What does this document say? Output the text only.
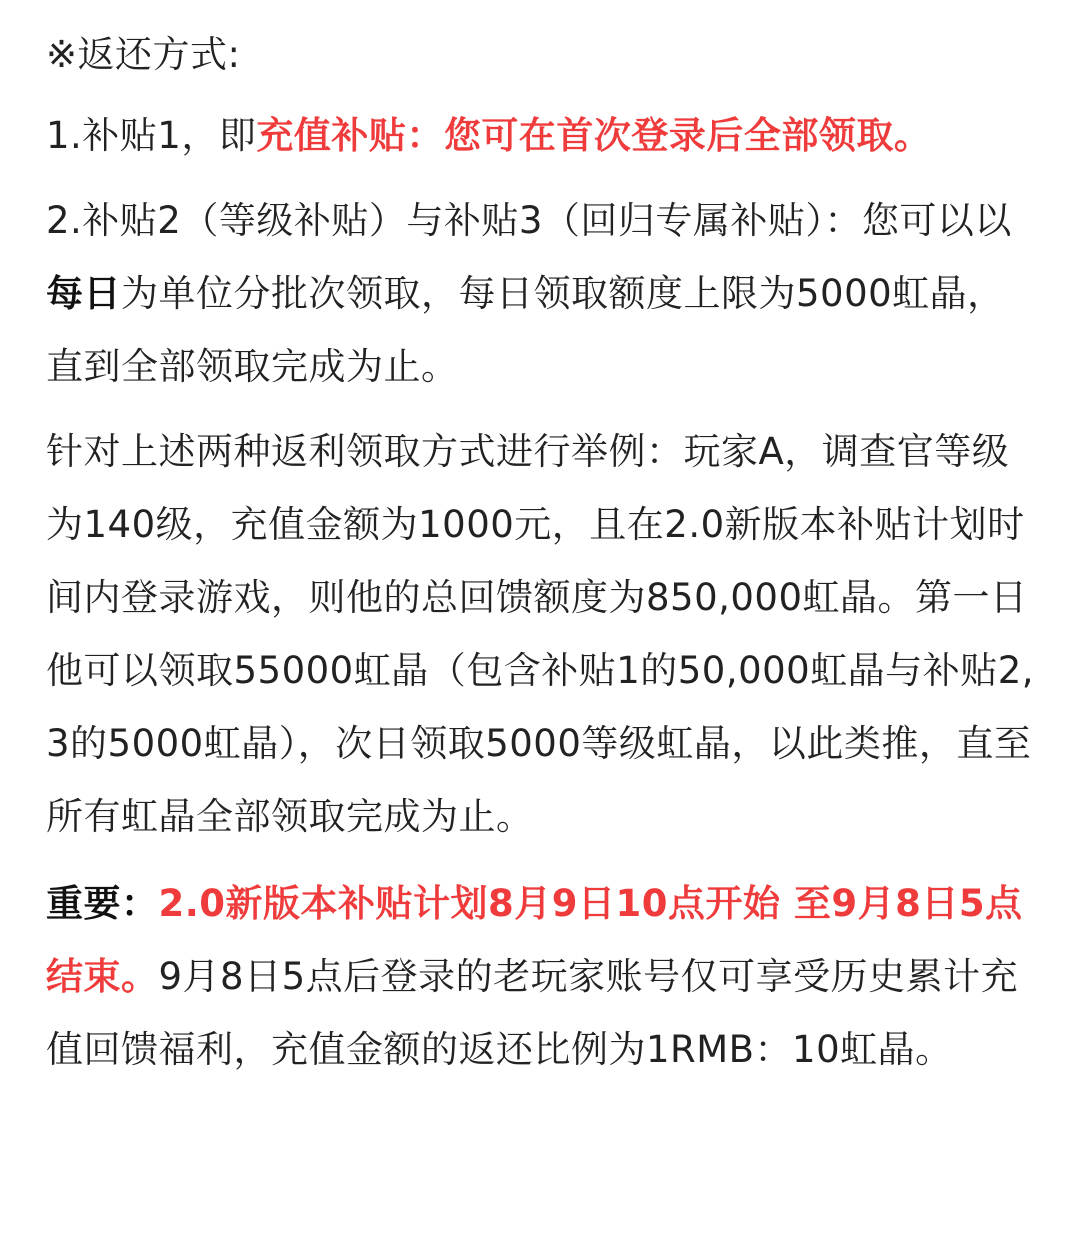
※返还方式:

1.补贴1，即充值补贴：您可在首次登录后全部领取。

2.补贴2（等级补贴）与补贴3（回归专属补贴）：您可以以每日为单位分批次领取，每日领取额度上限为5000虹晶，直到全部领取完成为止。

针对上述两种返利领取方式进行举例：玩家A，调查官等级为140级，充值金额为1000元，且在2.0新版本补贴计划时间内登录游戏，则他的总回馈额度为850,000虹晶。第一日他可以领取55000虹晶（包含补贴1的50,000虹晶与补贴2,3的5000虹晶），次日领取5000等级虹晶，以此类推，直至所有虹晶全部领取完成为止。

重要：2.0新版本补贴计划8月9日10点开始 至9月8日5点结束。9月8日5点后登录的老玩家账号仅可享受历史累计充值回馈福利，充值金额的返还比例为1RMB：10虹晶。
